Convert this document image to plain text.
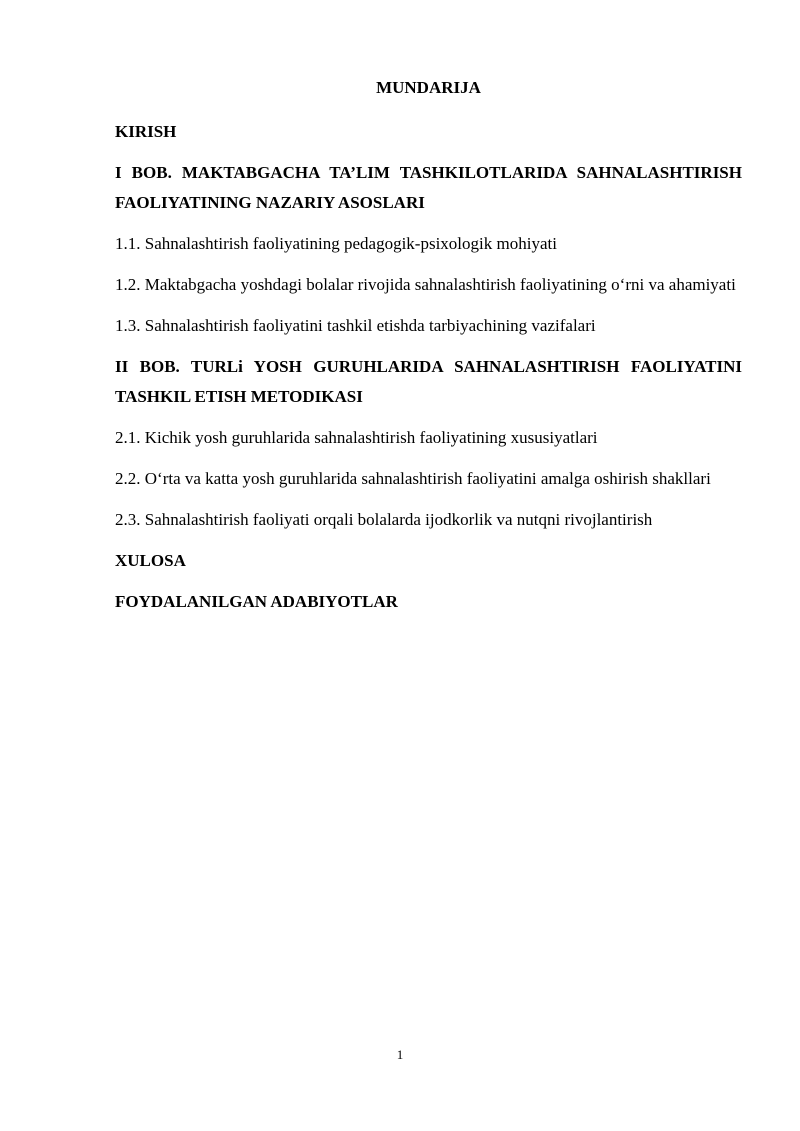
MUNDARIJA
KIRISH
I BOB. MAKTABGACHA TA’LIM TASHKILOTLARIDA SAHNALASHTIRISH FAOLIYATINING NAZARIY ASOSLARI
1.1. Sahnalashtirish faoliyatining pedagogik-psixologik mohiyati
1.2. Maktabgacha yoshdagi bolalar rivojida sahnalashtirish faoliyatining o‘rni va ahamiyati
1.3. Sahnalashtirish faoliyatini tashkil etishda tarbiyachining vazifalari
II BOB. TURLi YOSH GURUHLARIDA SAHNALASHTIRISH FAOLIYATINI TASHKIL ETISH METODIKASI
2.1. Kichik yosh guruhlarida sahnalashtirish faoliyatining xususiyatlari
2.2. O‘rta va katta yosh guruhlarida sahnalashtirish faoliyatini amalga oshirish shakllari
2.3. Sahnalashtirish faoliyati orqali bolalarda ijodkorlik va nutqni rivojlantirish
XULOSA
FOYDALANILGAN ADABIYOTLAR
1
